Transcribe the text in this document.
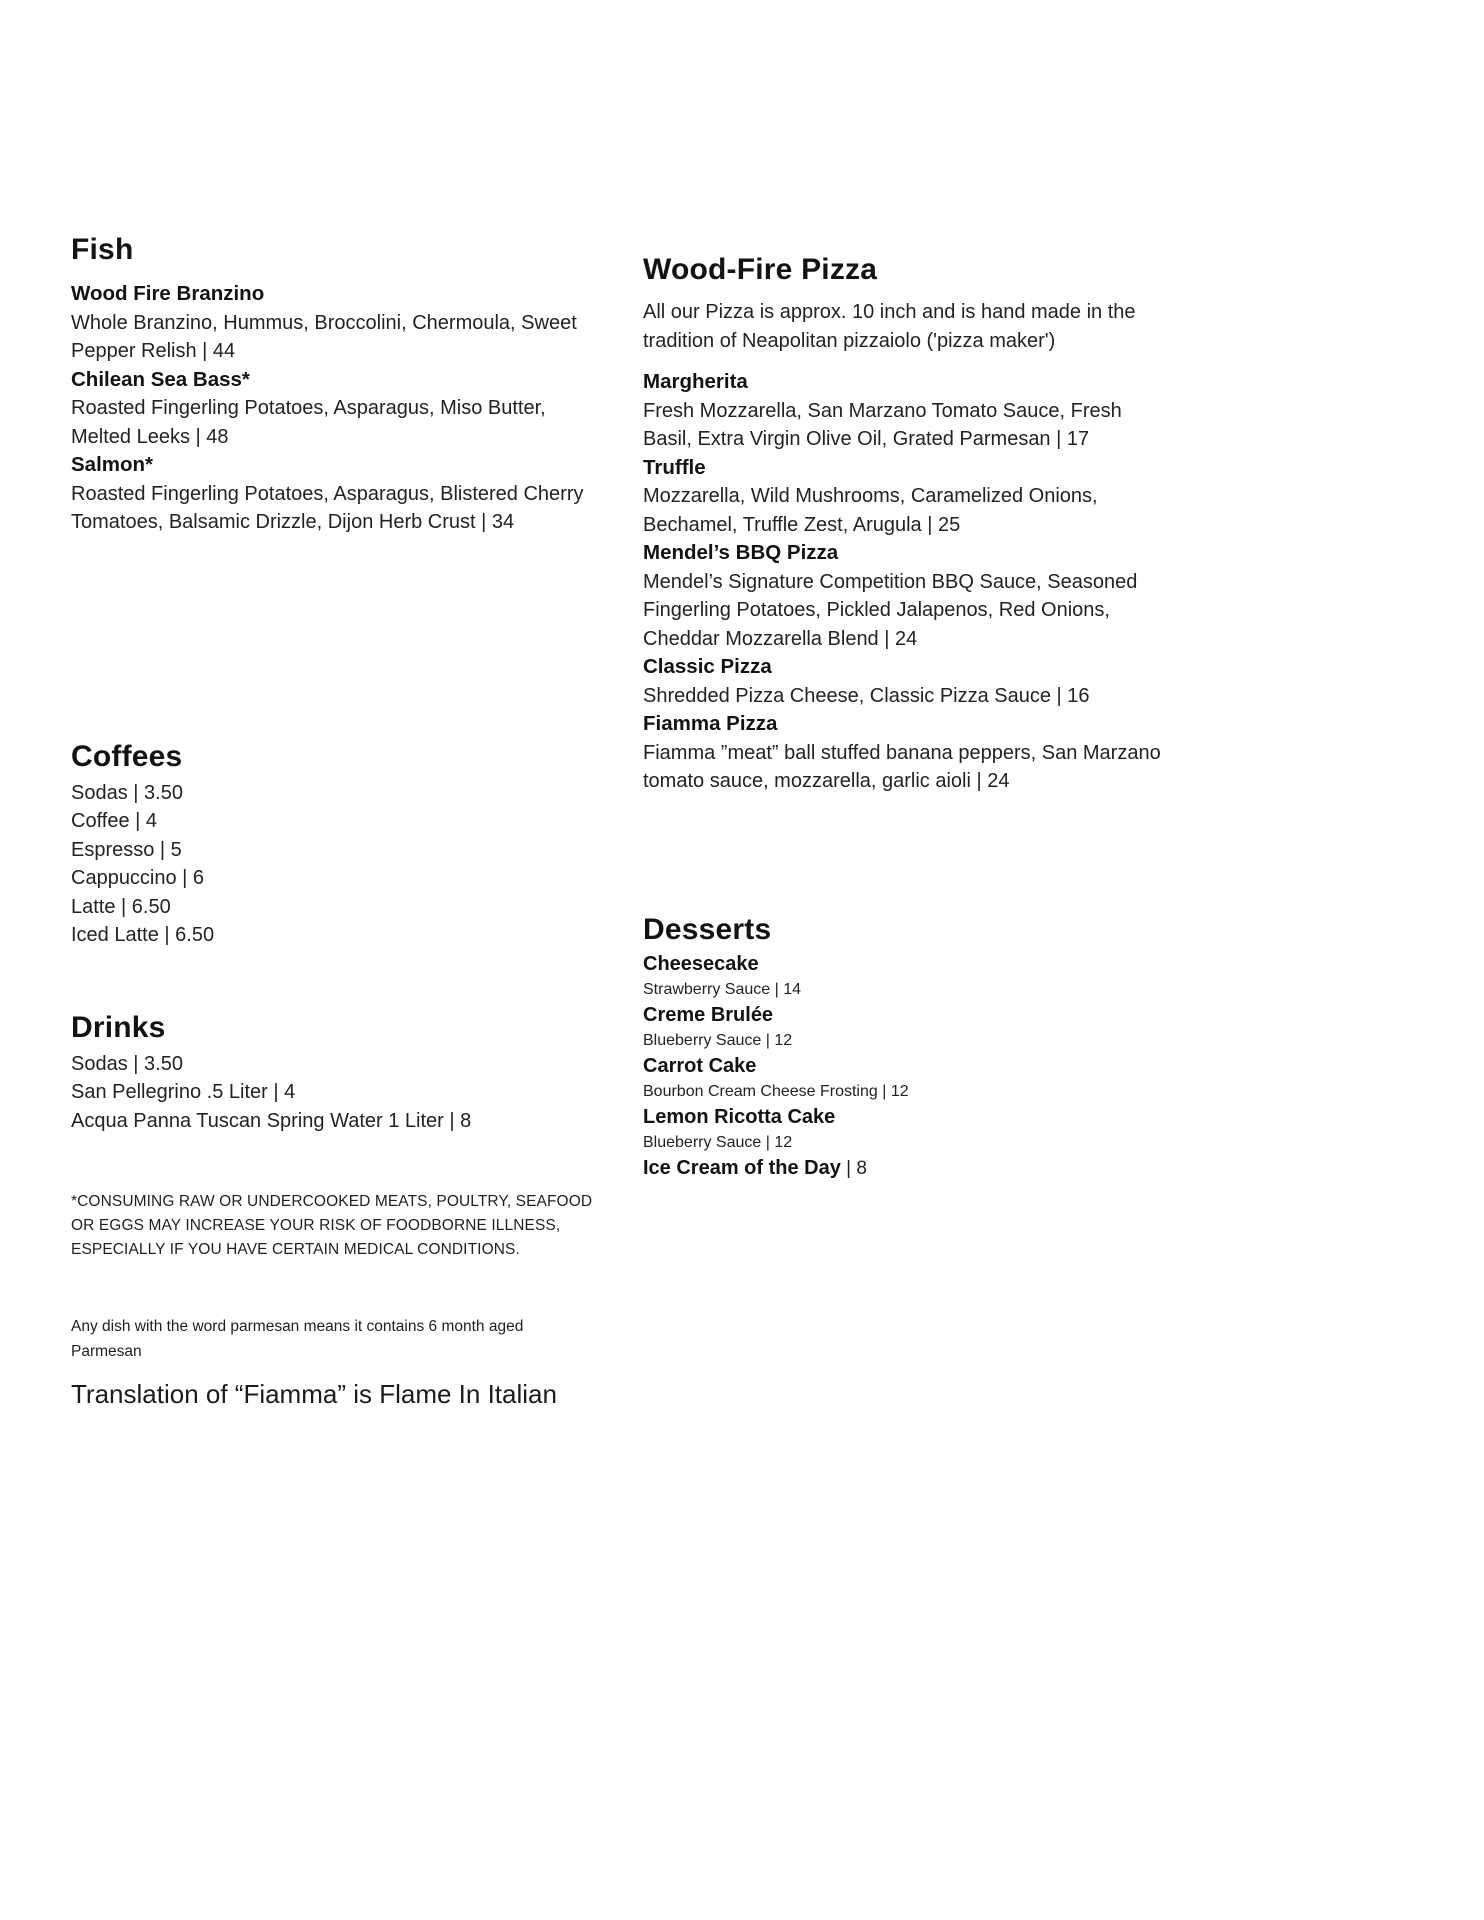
Fish
Wood Fire Branzino
Whole Branzino, Hummus, Broccolini, Chermoula, Sweet Pepper Relish | 44
Chilean Sea Bass*
Roasted Fingerling Potatoes, Asparagus, Miso Butter, Melted Leeks | 48
Salmon*
Roasted Fingerling Potatoes, Asparagus, Blistered Cherry Tomatoes, Balsamic Drizzle, Dijon Herb Crust | 34
Coffees
Sodas | 3.50
Coffee | 4
Espresso | 5
Cappuccino | 6
Latte | 6.50
Iced Latte | 6.50
Drinks
Sodas | 3.50
San Pellegrino .5 Liter | 4
Acqua Panna Tuscan Spring Water 1 Liter | 8
*CONSUMING RAW OR UNDERCOOKED MEATS, POULTRY, SEAFOOD OR EGGS MAY INCREASE YOUR RISK OF FOODBORNE ILLNESS, ESPECIALLY IF YOU HAVE CERTAIN MEDICAL CONDITIONS.
Any dish with the word parmesan means it contains 6 month aged Parmesan
Translation of “Fiamma” is Flame In Italian
Wood-Fire Pizza
All our Pizza is approx. 10 inch and is hand made in the tradition of Neapolitan pizzaiolo ('pizza maker')
Margherita
Fresh Mozzarella, San Marzano Tomato Sauce, Fresh Basil, Extra Virgin Olive Oil, Grated Parmesan | 17
Truffle
Mozzarella, Wild Mushrooms, Caramelized Onions, Bechamel, Truffle Zest, Arugula | 25
Mendel’s BBQ Pizza
Mendel’s Signature Competition BBQ Sauce, Seasoned Fingerling Potatoes, Pickled Jalapenos, Red Onions, Cheddar Mozzarella Blend | 24
Classic Pizza
Shredded Pizza Cheese, Classic Pizza Sauce | 16
Fiamma Pizza
Fiamma ”meat” ball stuffed banana peppers, San Marzano tomato sauce, mozzarella, garlic aioli | 24
Desserts
Cheesecake
Strawberry Sauce | 14
Creme Brulée
Blueberry Sauce | 12
Carrot Cake
Bourbon Cream Cheese Frosting | 12
Lemon Ricotta Cake
Blueberry Sauce | 12
Ice Cream of the Day | 8
